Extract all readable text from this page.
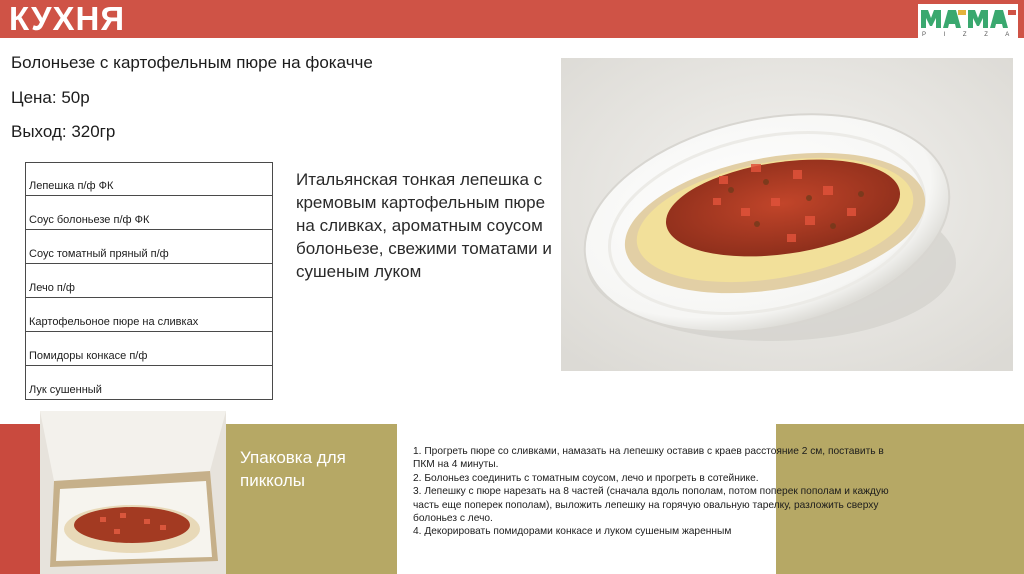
КУХНЯ	P I Z Z A
Болоньезе с картофельным пюре на фокачче
Цена: 50р
Выход: 320гр
Лепешка п/ф ФК
Соус болоньезе п/ф ФК
Соус томатный пряный п/ф
Лечо п/ф
Картофельоное пюре на сливках
Помидоры конкасе п/ф
Лук сушенный
Итальянская тонкая лепешка с кремовым картофельным пюре на сливках, ароматным соусом болоньезе, свежими томатами и сушеным луком
Упаковка для пикколы
1. Прогреть пюре со сливками, намазать на лепешку оставив с краев расстояние 2 см, поставить в ПКМ на 4 минуты.
2. Болоньез соединить с томатным соусом, лечо и прогреть в сотейнике.
3. Лепешку с пюре нарезать на 8 частей (сначала вдоль пополам, потом поперек пополам и каждую часть еще поперек пополам), выложить лепешку на горячую овальную тарелку, разложить сверху болоньез с лечо.
4. Декорировать помидорами конкасе и луком сушеным жаренным
